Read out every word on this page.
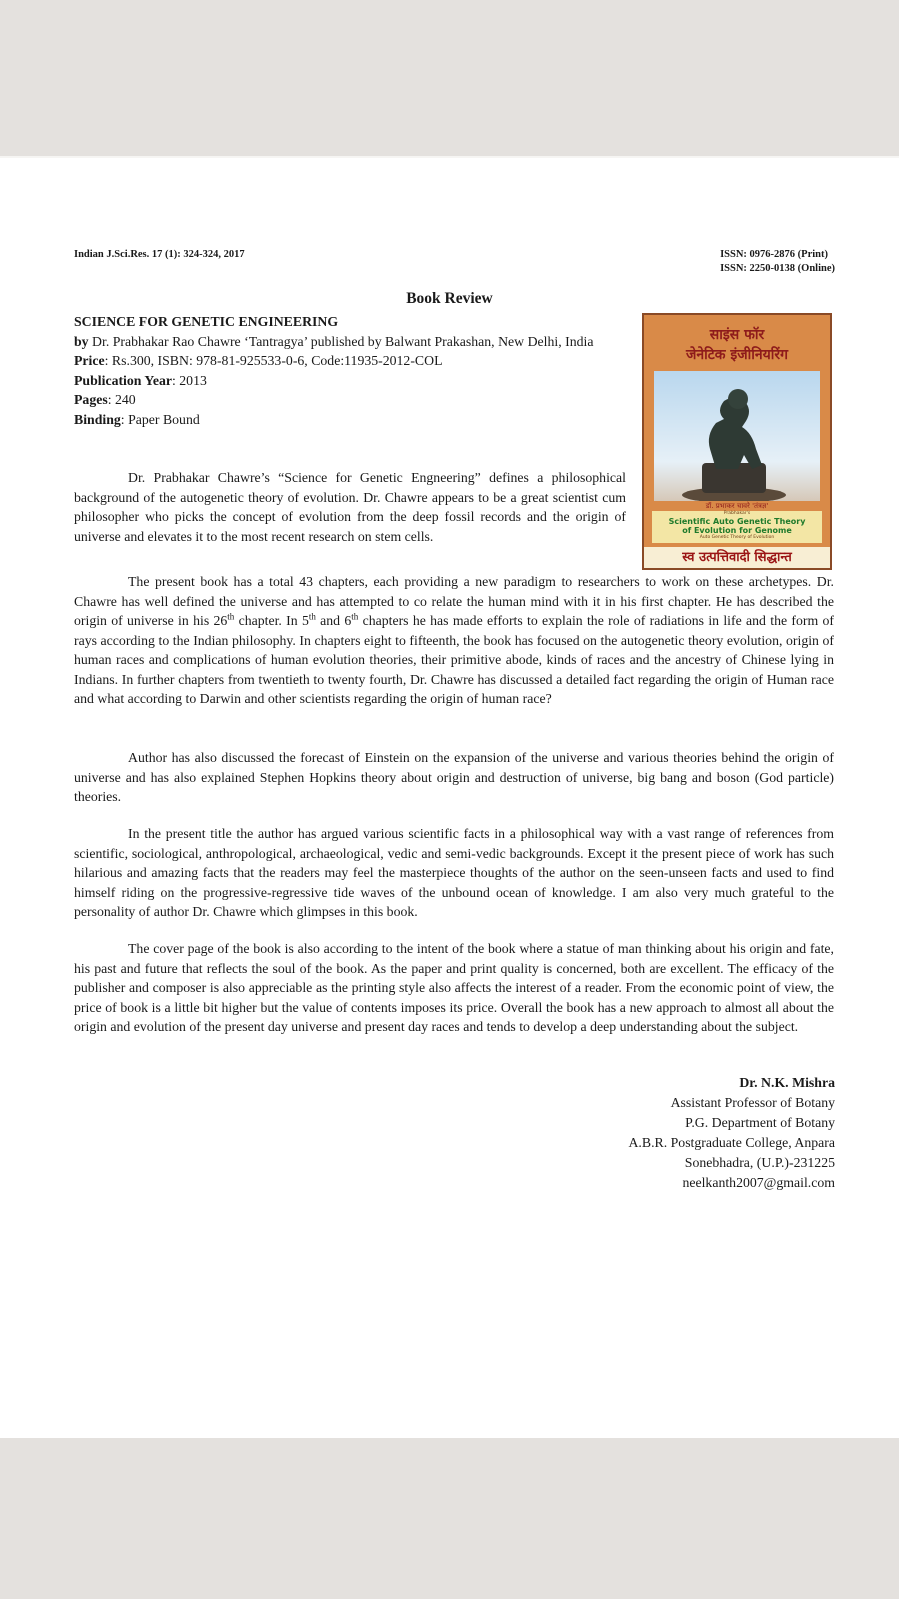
Indian J.Sci.Res. 17 (1): 324-324, 2017	ISSN: 0976-2876 (Print)
ISSN: 2250-0138 (Online)
Book Review
SCIENCE FOR GENETIC ENGINEERING
by Dr. Prabhakar Rao Chawre ‘Tantragya’ published by Balwant Prakashan, New Delhi, India
Price: Rs.300, ISBN: 978-81-925533-0-6, Code:11935-2012-COL
Publication Year: 2013
Pages: 240
Binding: Paper Bound
साइंस फॉर
जेनेटिक इंजीनियरिंग
डॉ. प्रभाकर चावरे 'तंत्रज्ञ'
Prabhakar's
Scientific Auto Genetic Theory
of Evolution for Genome
Auto Genetic Theory of Evolution
स्व उत्पत्तिवादी सिद्धान्त
Dr. Prabhakar Chawre’s “Science for Genetic Engneering” defines a philosophical background of the autogenetic theory of evolution. Dr. Chawre appears to be a great scientist cum philosopher who picks the concept of evolution from the deep fossil records and the origin of universe and elevates it to the most recent research on stem cells.
The present book has a total 43 chapters, each providing a new paradigm to researchers to work on these archetypes. Dr. Chawre has well defined the universe and has attempted to co relate the human mind with it in his first chapter. He has described the origin of universe in his 26th chapter. In 5th and 6th chapters he has made efforts to explain the role of radiations in life and the form of rays according to the Indian philosophy. In chapters eight to fifteenth, the book has focused on the autogenetic theory evolution, origin of human races and complications of human evolution theories, their primitive abode, kinds of races and the ancestry of Chinese lying in Indians. In further chapters from twentieth to twenty fourth, Dr. Chawre has discussed a detailed fact regarding the origin of Human race and what according to Darwin and other scientists regarding the origin of human race?
Author has also discussed the forecast of Einstein on the expansion of the universe and various theories behind the origin of universe and has also explained Stephen Hopkins theory about origin and destruction of universe, big bang and boson (God particle) theories.
In the present title the author has argued various scientific facts in a philosophical way with a vast range of references from scientific, sociological, anthropological, archaeological, vedic and semi-vedic backgrounds. Except it the present piece of work has such hilarious and amazing facts that the readers may feel the masterpiece thoughts of the author on the seen-unseen facts and used to find himself riding on the progressive-regressive tide waves of the unbound ocean of knowledge. I am also very much grateful to the personality of author Dr. Chawre which glimpses in this book.
The cover page of the book is also according to the intent of the book where a statue of man thinking about his origin and fate, his past and future that reflects the soul of the book. As the paper and print quality is concerned, both are excellent. The efficacy of the publisher and composer is also appreciable as the printing style also affects the interest of a reader. From the economic point of view, the price of book is a little bit higher but the value of contents imposes its price. Overall the book has a new approach to almost all about the origin and evolution of the present day universe and present day races and tends to develop a deep understanding about the subject.
Dr. N.K. Mishra
Assistant Professor of Botany
P.G. Department of Botany
A.B.R. Postgraduate College, Anpara
Sonebhadra, (U.P.)-231225
neelkanth2007@gmail.com
